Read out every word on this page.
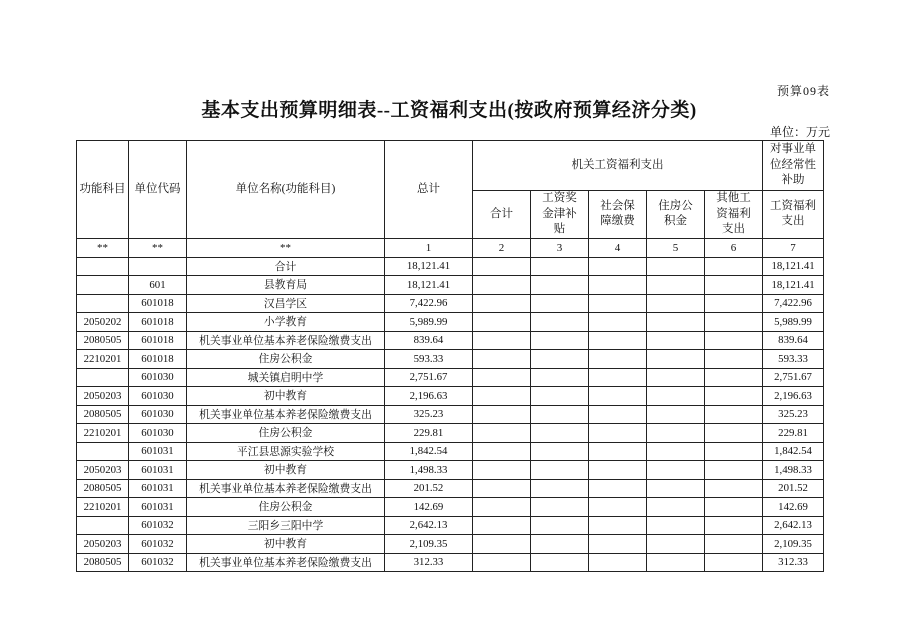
预算09表
基本支出预算明细表--工资福利支出(按政府预算经济分类)
单位：万元
功能科目	单位代码	单位名称(功能科目)	总计	机关工资福利支出					对事业单位经常性补助
				合计	工资奖金津补贴	社会保障缴费	住房公积金	其他工资福利支出	工资福利支出
**	**	**	1	2	3	4	5	6	7
		合计	18,121.41						18,121.41
	601	县教育局	18,121.41						18,121.41
	601018	汉昌学区	7,422.96						7,422.96
2050202	601018	小学教育	5,989.99						5,989.99
2080505	601018	机关事业单位基本养老保险缴费支出	839.64						839.64
2210201	601018	住房公积金	593.33						593.33
	601030	城关镇启明中学	2,751.67						2,751.67
2050203	601030	初中教育	2,196.63						2,196.63
2080505	601030	机关事业单位基本养老保险缴费支出	325.23						325.23
2210201	601030	住房公积金	229.81						229.81
	601031	平江县思源实验学校	1,842.54						1,842.54
2050203	601031	初中教育	1,498.33						1,498.33
2080505	601031	机关事业单位基本养老保险缴费支出	201.52						201.52
2210201	601031	住房公积金	142.69						142.69
	601032	三阳乡三阳中学	2,642.13						2,642.13
2050203	601032	初中教育	2,109.35						2,109.35
2080505	601032	机关事业单位基本养老保险缴费支出	312.33						312.33
